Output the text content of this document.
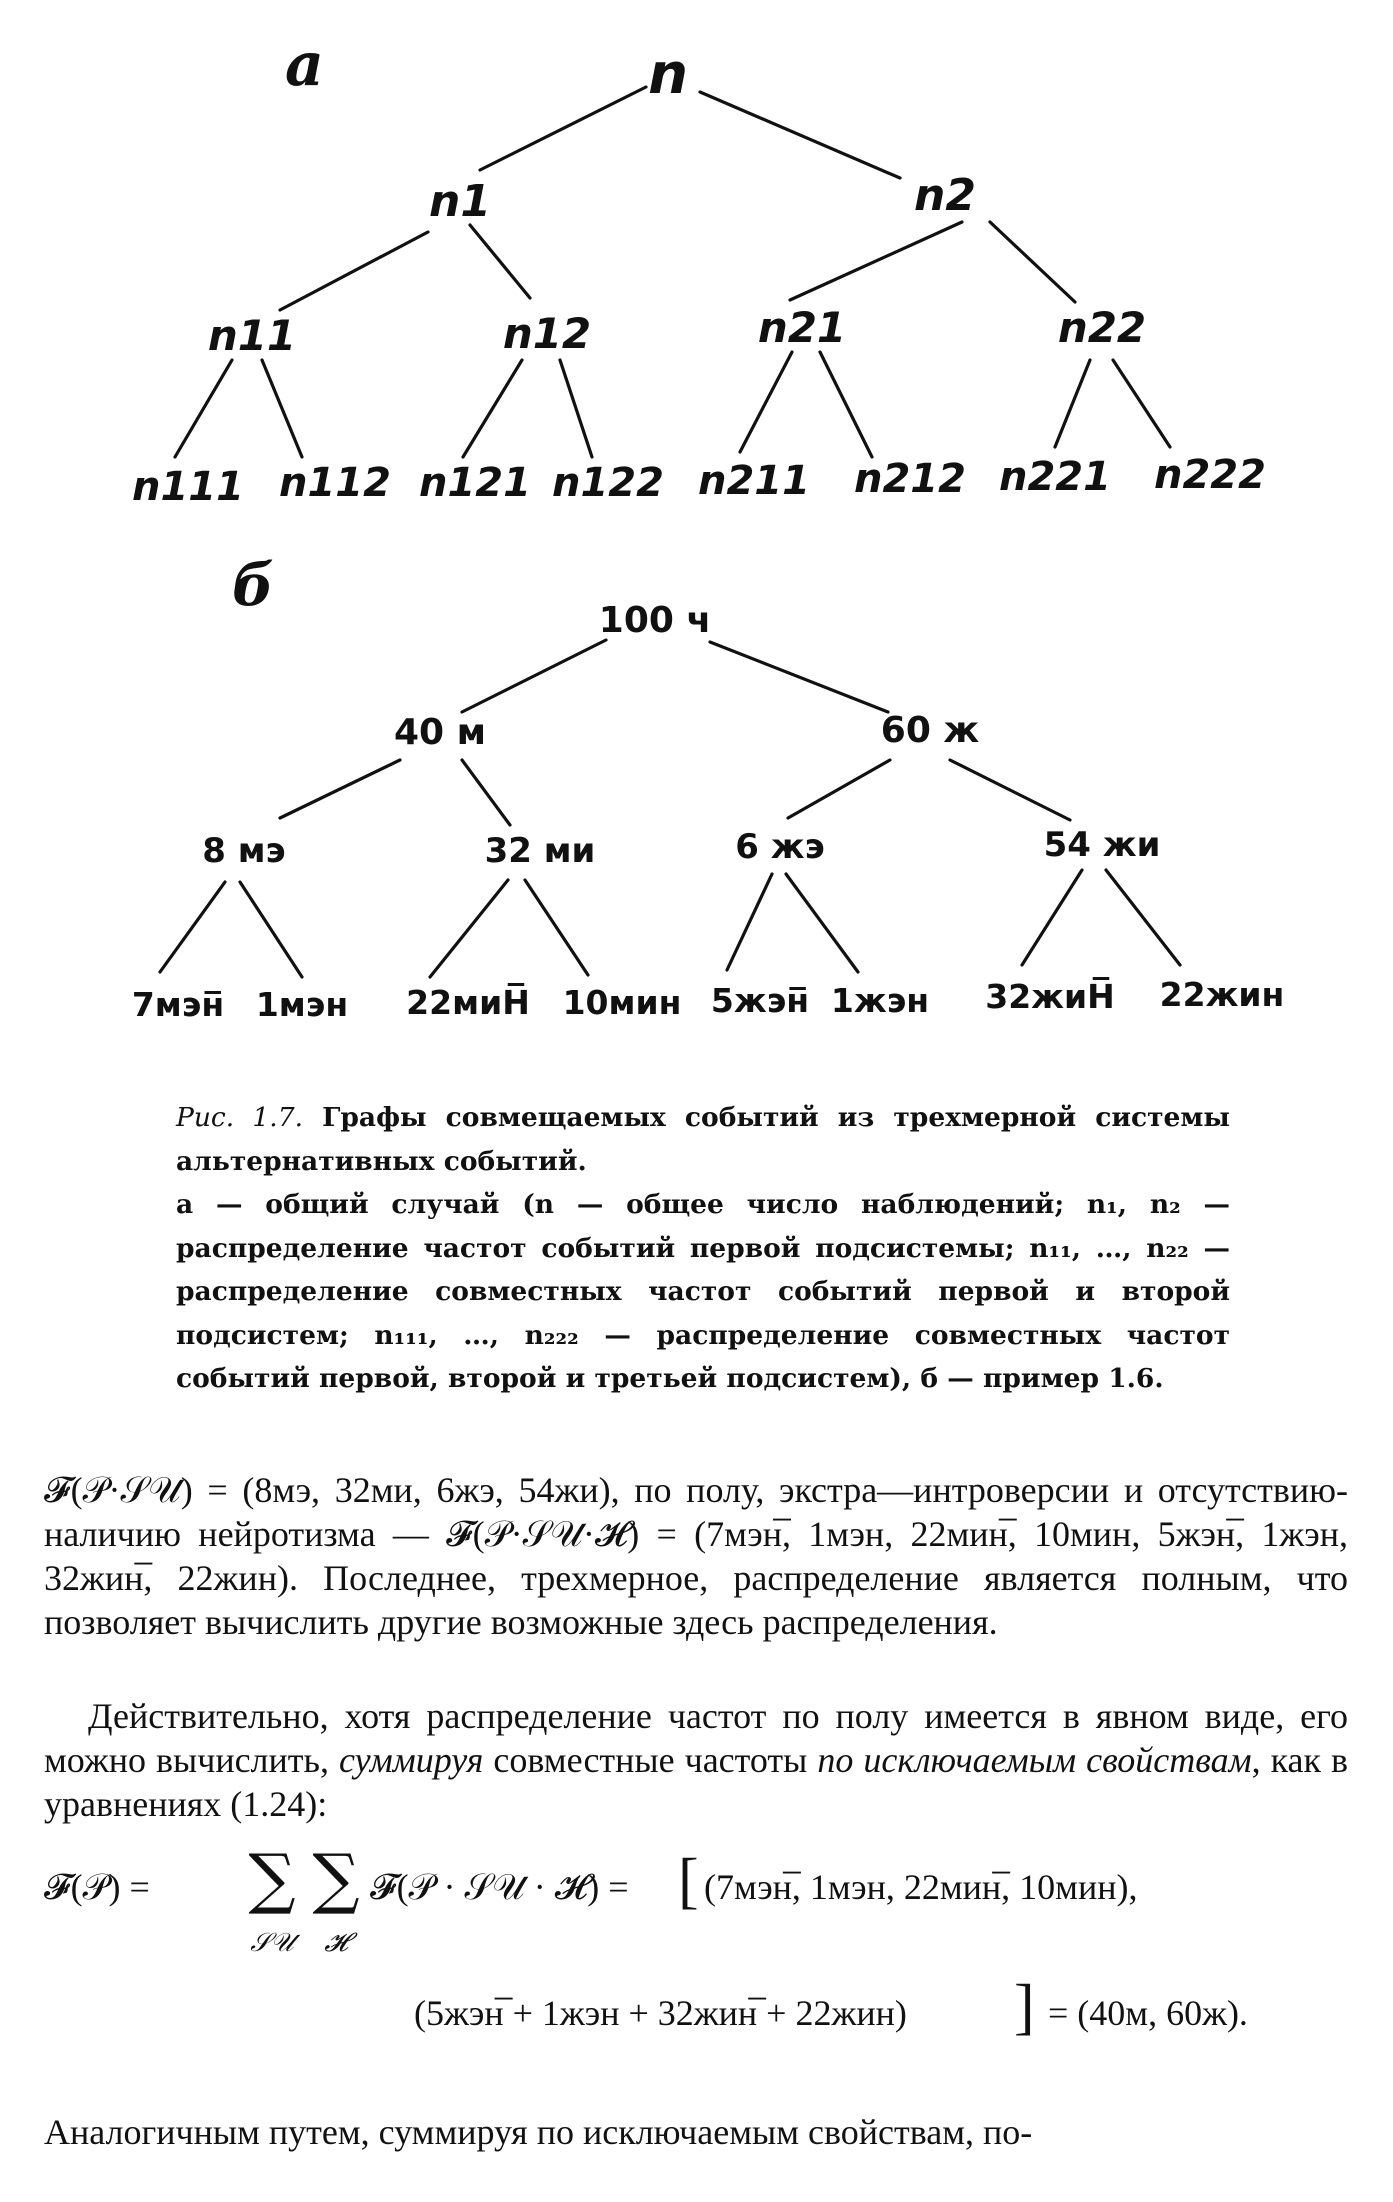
a
б
n
n1	n2
n11	n12	n21	n22
n111 n112 n121 n122 n211 n212 n221 n222
100 ч
40 м	60 ж
8 мэ	32 ми	6 жэ	54 жи
7мэн̅ 1мэн 22миН̅ 10мин 5жэн̅ 1жэн 32жиН̅ 22жин

Рис. 1.7. Графы совмещаемых событий из трехмерной системы альтернативных событий.

а — общий случай (n — общее число наблюдений; n₁, n₂ — распределение частот событий первой подсистемы; n₁₁, …, n₂₂ — распределение совместных частот событий первой и второй подсистем; n₁₁₁, …, n₂₂₂ — распределение совместных частот событий первой, второй и третьей подсистем), б — пример 1.6.

𝓕(𝒫·𝒮𝒰) = (8мэ, 32ми, 6жэ, 54жи), по полу, экстра—интроверсии и отсутствию-наличию нейротизма — 𝓕(𝒫·𝒮𝒰·𝓗) = (7мэн̅, 1мэн, 22мин̅, 10мин, 5жэн̅, 1жэн, 32жин̅, 22жин). Последнее, трехмерное, распределение является полным, что позволяет вычислить другие возможные здесь распределения.

Действительно, хотя распределение частот по полу имеется в явном виде, его можно вычислить, суммируя совместные частоты по исключаемым свойствам, как в уравнениях (1.24):

𝓕(𝒫) = ∑
𝒮𝒰
∑
𝓗
𝓕(𝒫 · 𝒮𝒰 · 𝓗) = [ (7мэн̅, 1мэн, 22мин̅, 10мин),
(5жэн̅ + 1жэн + 32жин̅ + 22жин) ] = (40м, 60ж).

Аналогичным путем, суммируя по исключаемым свойствам, по-
